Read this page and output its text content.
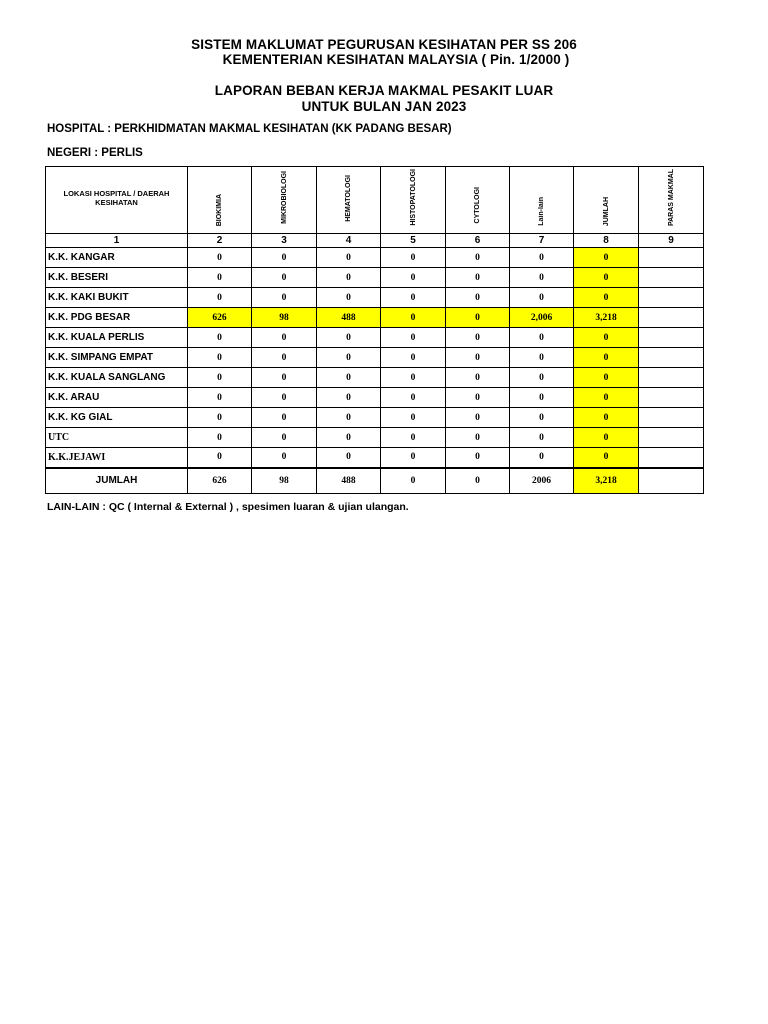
SISTEM MAKLUMAT PEGURUSAN KESIHATAN PER SS 206
KEMENTERIAN KESIHATAN MALAYSIA ( Pin. 1/2000 )
LAPORAN BEBAN KERJA MAKMAL PESAKIT LUAR
UNTUK BULAN JAN 2023
HOSPITAL : PERKHIDMATAN MAKMAL KESIHATAN (KK PADANG BESAR)
NEGERI : PERLIS
LOKASI HOSPITAL / DAERAH KESIHATAN	BIOKIMIA	MIKROBIOLOGI	HEMATOLOGI	HISTOPATOLOGI	CYTOLOGI	Lain-lain	JUMLAH	PARAS MAKMAL
1	2	3	4	5	6	7	8	9
K.K. KANGAR	0	0	0	0	0	0	0	
K.K. BESERI	0	0	0	0	0	0	0	
K.K. KAKI BUKIT	0	0	0	0	0	0	0	
K.K. PDG BESAR	626	98	488	0	0	2,006	3,218	
K.K. KUALA PERLIS	0	0	0	0	0	0	0	
K.K. SIMPANG EMPAT	0	0	0	0	0	0	0	
K.K. KUALA SANGLANG	0	0	0	0	0	0	0	
K.K. ARAU	0	0	0	0	0	0	0	
K.K. KG GIAL	0	0	0	0	0	0	0	
UTC	0	0	0	0	0	0	0	
K.K.JEJAWI	0	0	0	0	0	0	0	
JUMLAH	626	98	488	0	0	2006	3,218	
LAIN-LAIN : QC ( Internal & External ) , spesimen luaran & ujian ulangan.
